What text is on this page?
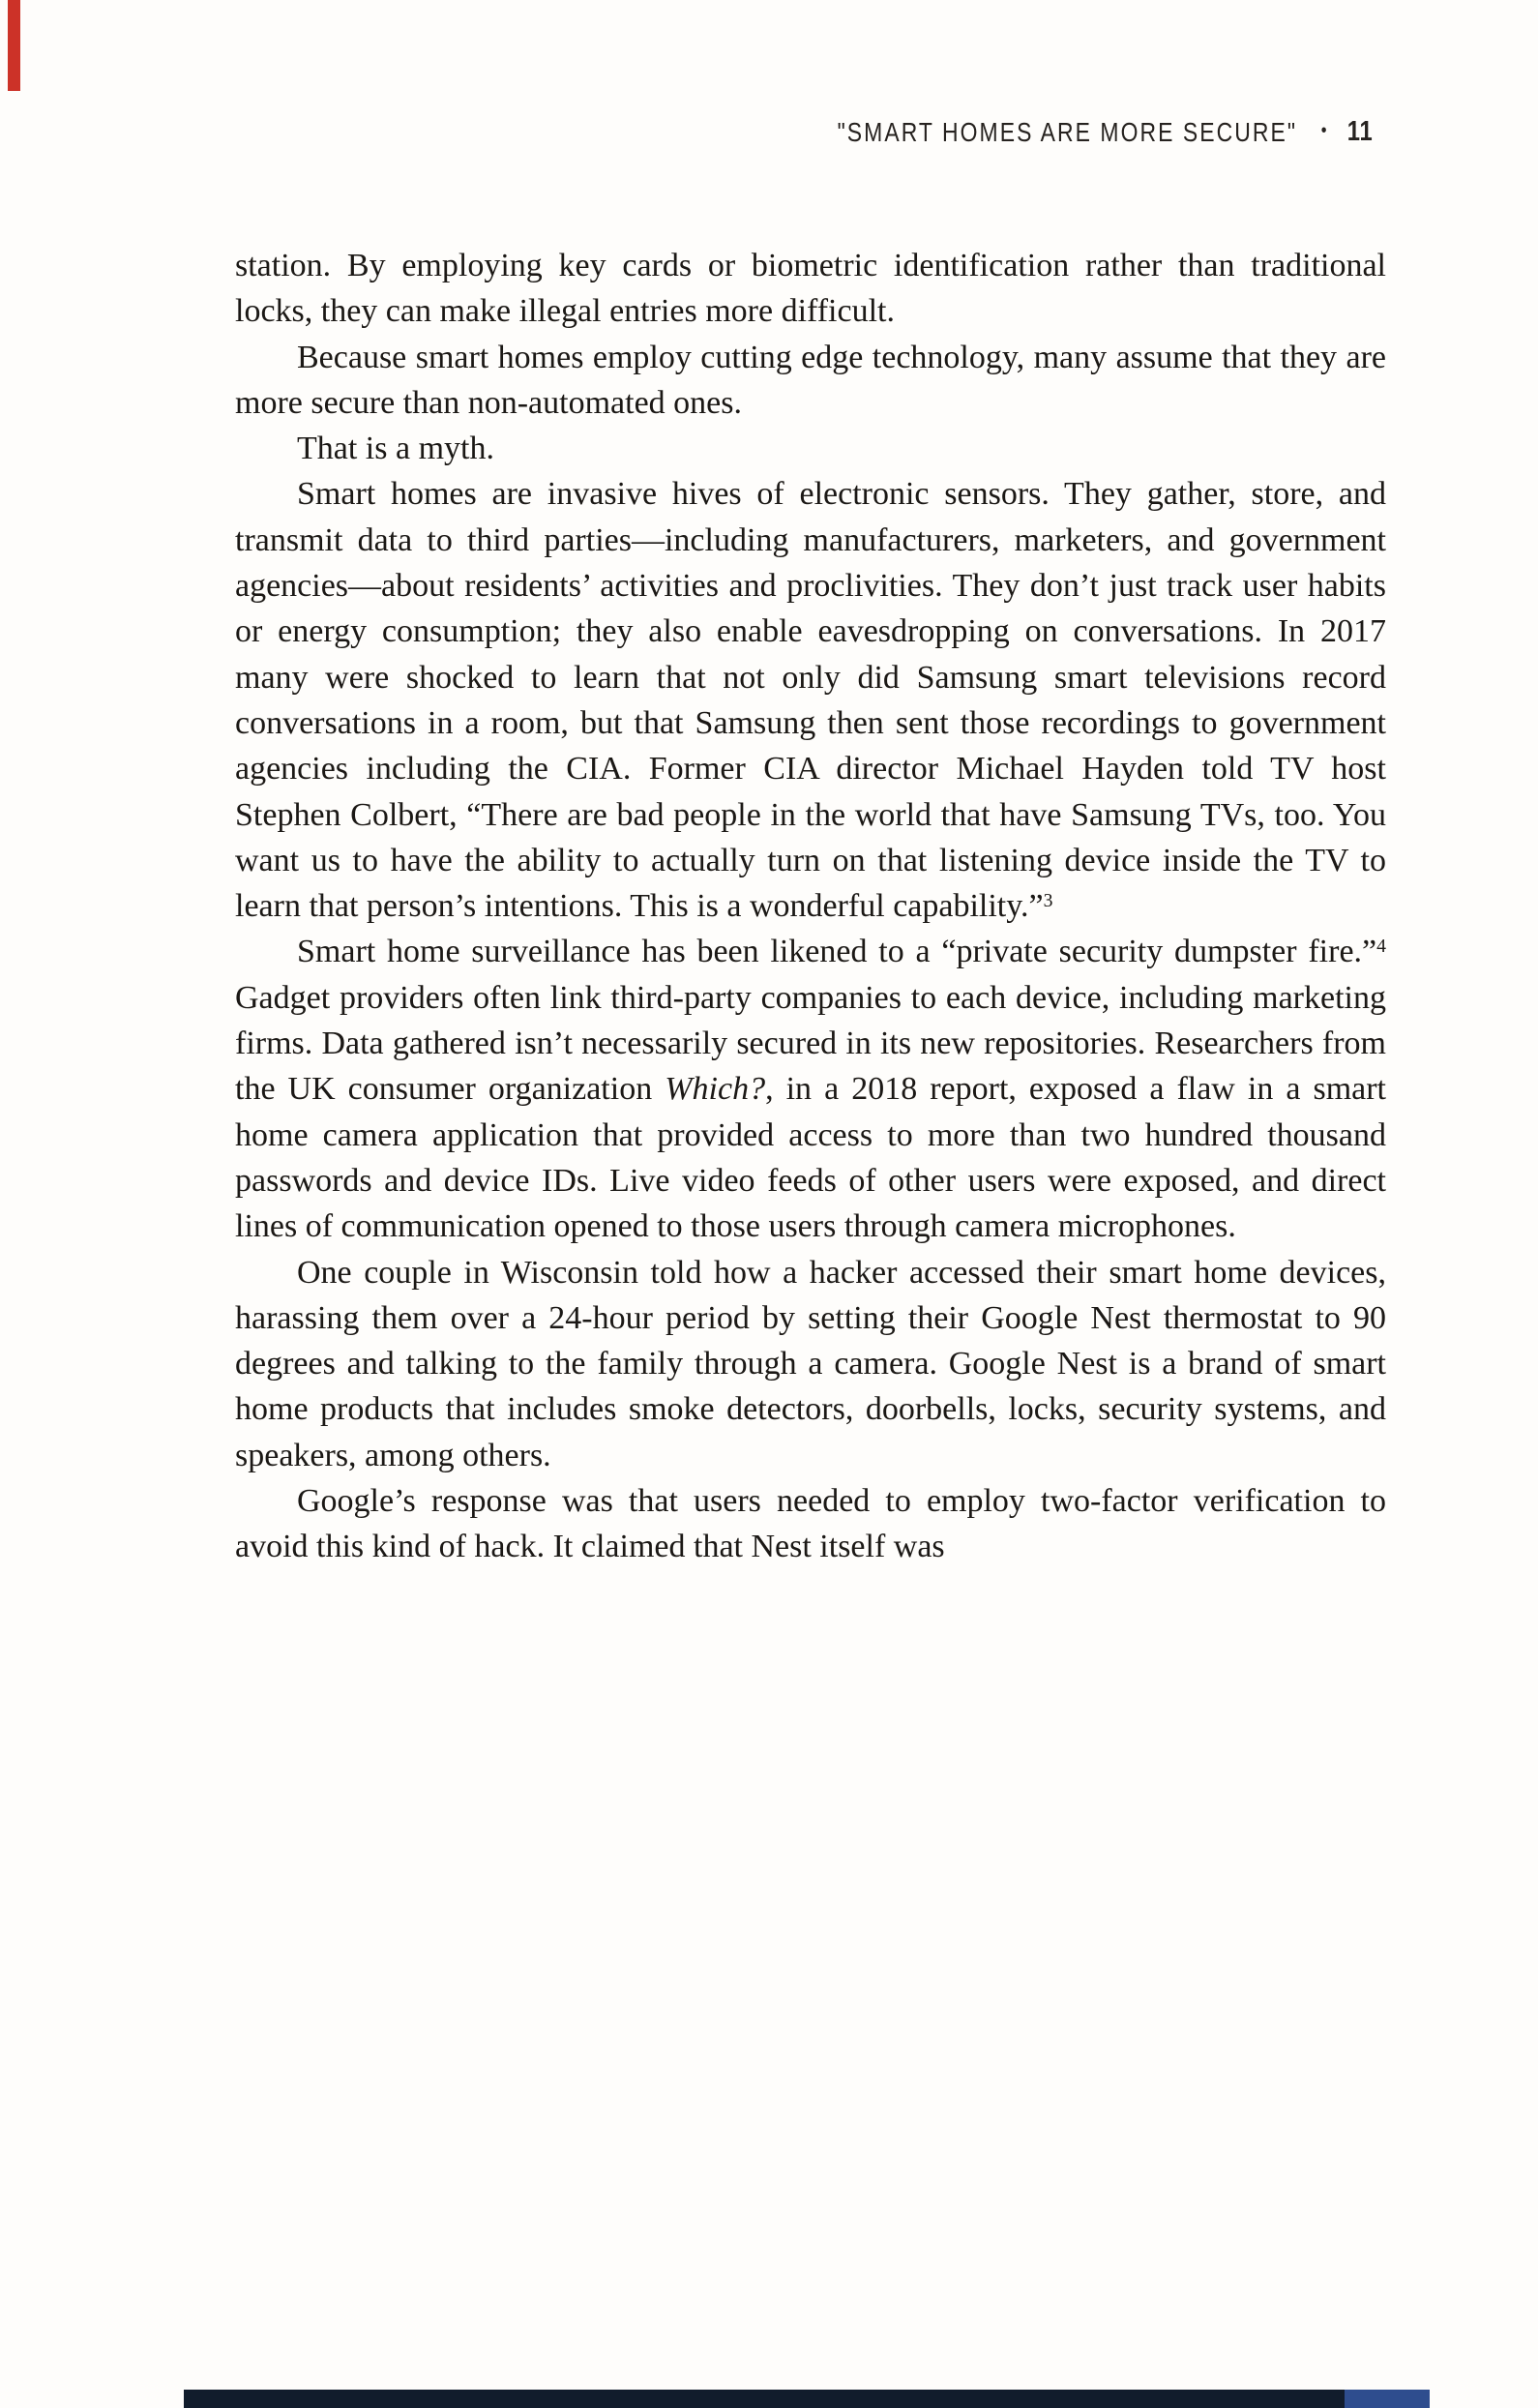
"SMART HOMES ARE MORE SECURE" • 11

station. By employing key cards or biometric identification rather than traditional locks, they can make illegal entries more difficult.

Because smart homes employ cutting edge technology, many assume that they are more secure than non-automated ones.

That is a myth.

Smart homes are invasive hives of electronic sensors. They gather, store, and transmit data to third parties—including manufacturers, marketers, and government agencies—about residents’ activities and proclivities. They don’t just track user habits or energy consumption; they also enable eavesdropping on conversations. In 2017 many were shocked to learn that not only did Samsung smart televisions record conversations in a room, but that Samsung then sent those recordings to government agencies including the CIA. Former CIA director Michael Hayden told TV host Stephen Colbert, “There are bad people in the world that have Samsung TVs, too. You want us to have the ability to actually turn on that listening device inside the TV to learn that person’s intentions. This is a wonderful capability.”$^3$

Smart home surveillance has been likened to a “private security dumpster fire.”$^4$ Gadget providers often link third-party companies to each device, including marketing firms. Data gathered isn’t necessarily secured in its new repositories. Researchers from the UK consumer organization Which?, in a 2018 report, exposed a flaw in a smart home camera application that provided access to more than two hundred thousand passwords and device IDs. Live video feeds of other users were exposed, and direct lines of communication opened to those users through camera microphones.

One couple in Wisconsin told how a hacker accessed their smart home devices, harassing them over a 24-hour period by setting their Google Nest thermostat to 90 degrees and talking to the family through a camera. Google Nest is a brand of smart home products that includes smoke detectors, doorbells, locks, security systems, and speakers, among others.

Google’s response was that users needed to employ two-factor verification to avoid this kind of hack. It claimed that Nest itself was
